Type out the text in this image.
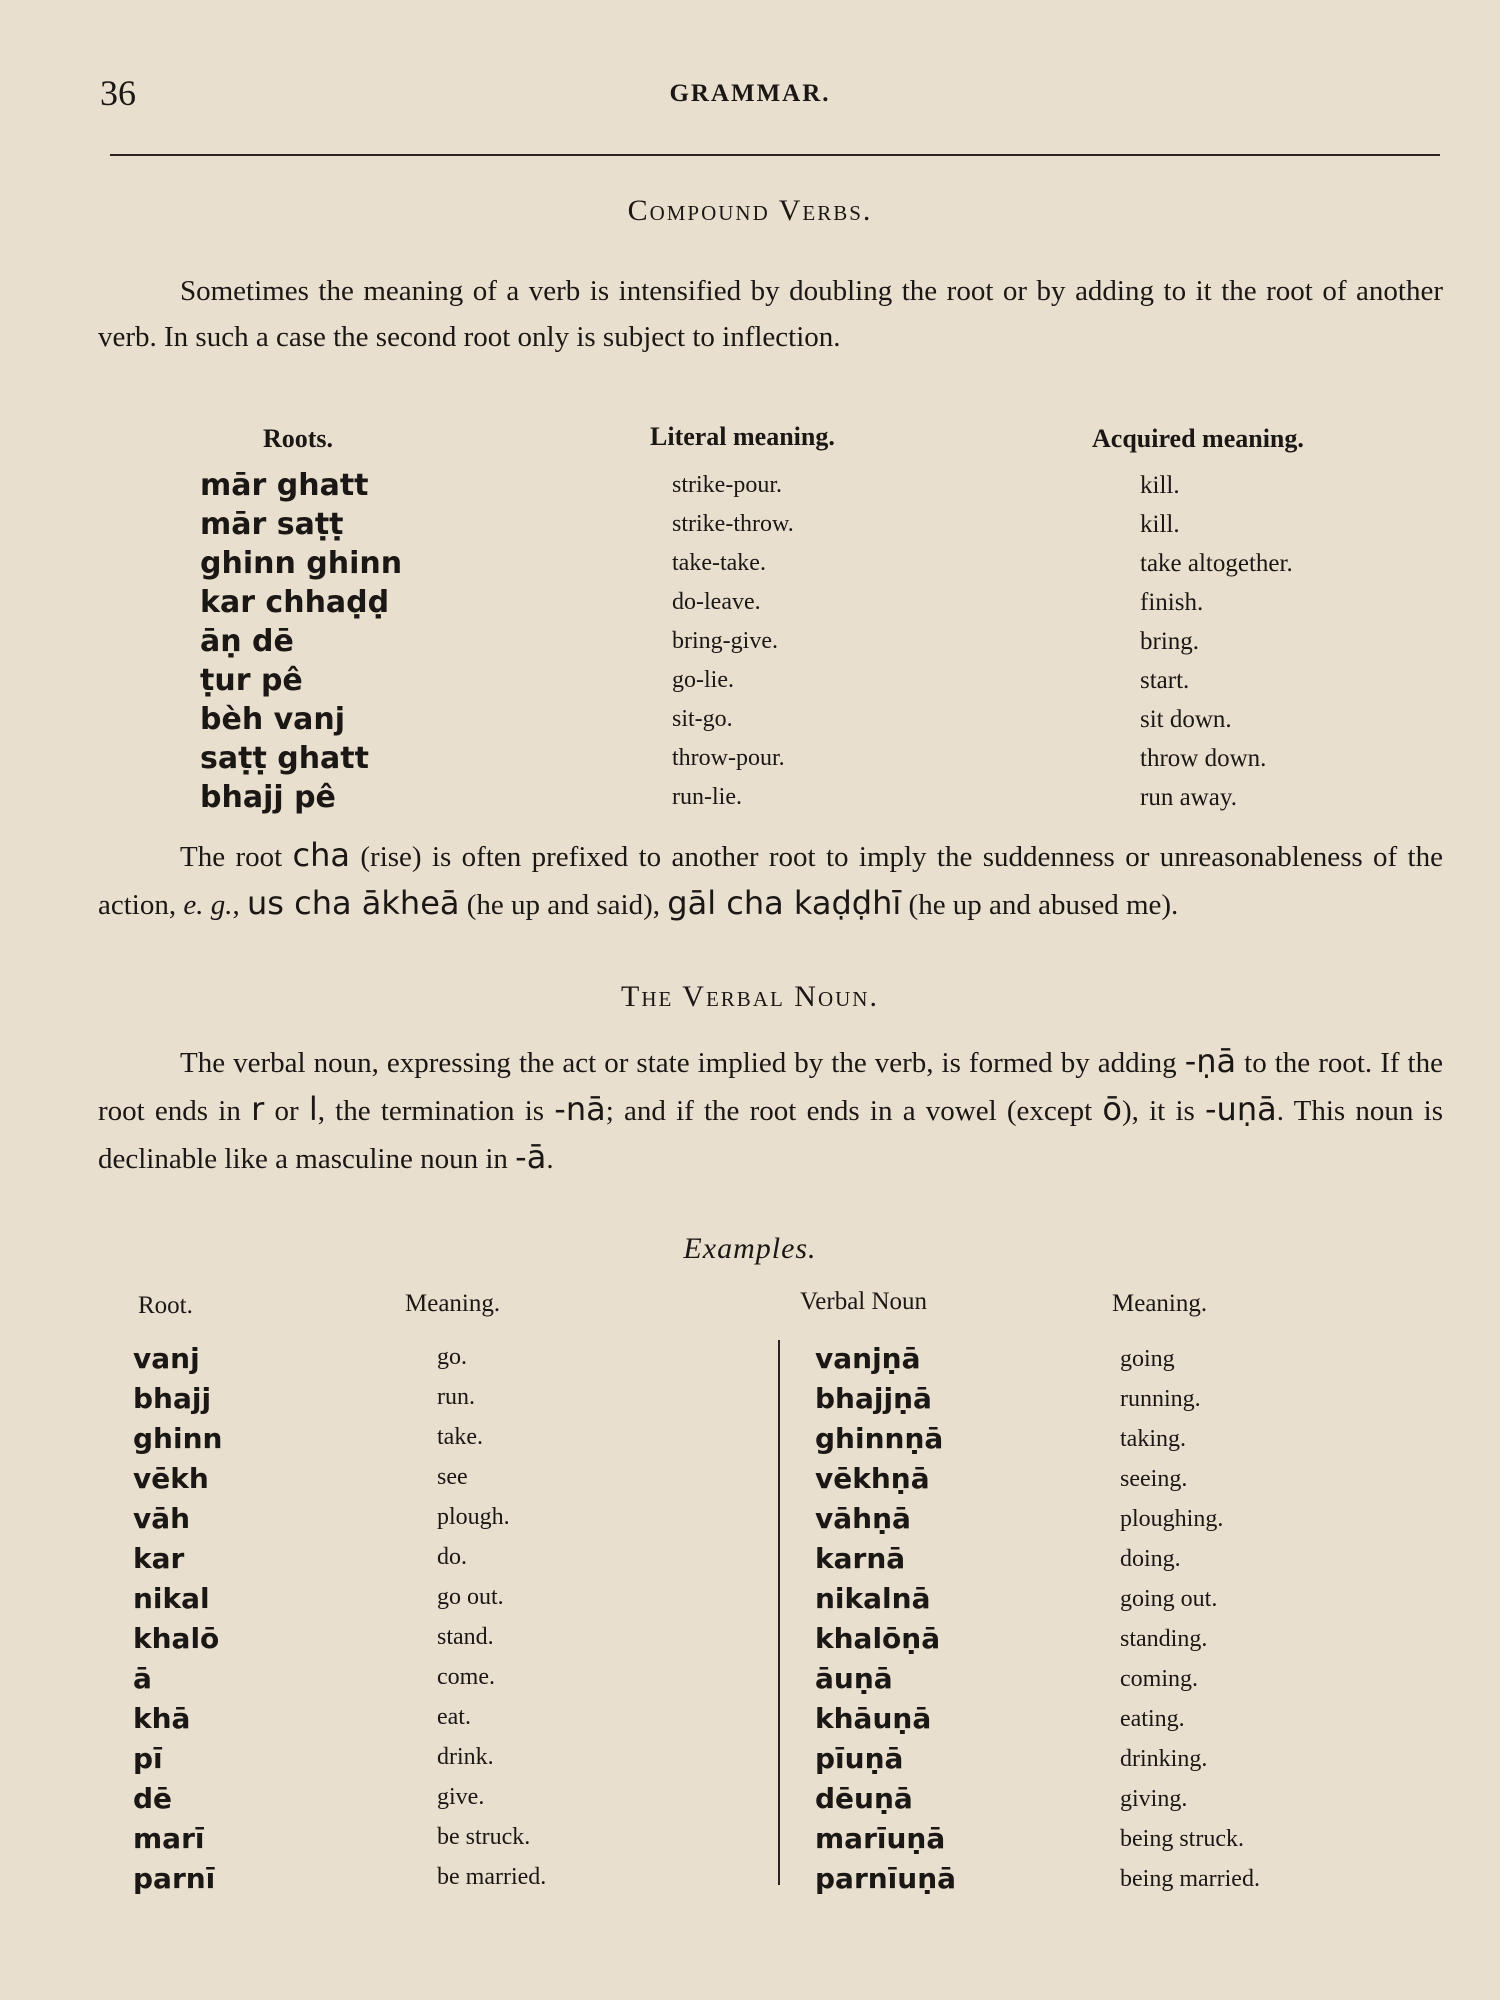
36	GRAMMAR.
Compound Verbs.

Sometimes the meaning of a verb is intensified by doubling the root or by adding to it the root of another verb. In such a case the second root only is subject to inflection.

Roots.	Literal meaning.	Acquired meaning.
mār ghatt	strike-pour.	kill.
mār saṭṭ	strike-throw.	kill.
ghinn ghinn	take-take.	take altogether.
kar chhaḍḍ	do-leave.	finish.
āṇ dē	bring-give.	bring.
ṭur pê	go-lie.	start.
bèh vanj	sit-go.	sit down.
saṭṭ ghatt	throw-pour.	throw down.
bhajj pê	run-lie.	run away.

The root cha (rise) is often prefixed to another root to imply the suddenness or unreasonableness of the action, e. g., us cha ākheā (he up and said), gāl cha kaḍḍhī (he up and abused me).

The Verbal Noun.

The verbal noun, expressing the act or state implied by the verb, is formed by adding -ṇā to the root. If the root ends in r or l, the termination is -nā; and if the root ends in a vowel (except ō), it is -uṇā. This noun is declinable like a masculine noun in -ā.

Examples.
Root.	Meaning.	Verbal Noun	Meaning.
vanj	go.	vanjṇā	going
bhajj	run.	bhajjṇā	running.
ghinn	take.	ghinnṇā	taking.
vēkh	see	vēkhṇā	seeing.
vāh	plough.	vāhṇā	ploughing.
kar	do.	karnā	doing.
nikal	go out.	nikalnā	going out.
khalō	stand.	khalōṇā	standing.
ā	come.	āuṇā	coming.
khā	eat.	khāuṇā	eating.
pī	drink.	pīuṇā	drinking.
dē	give.	dēuṇā	giving.
marī	be struck.	marīuṇā	being struck.
parnī	be married.	parnīuṇā	being married.
